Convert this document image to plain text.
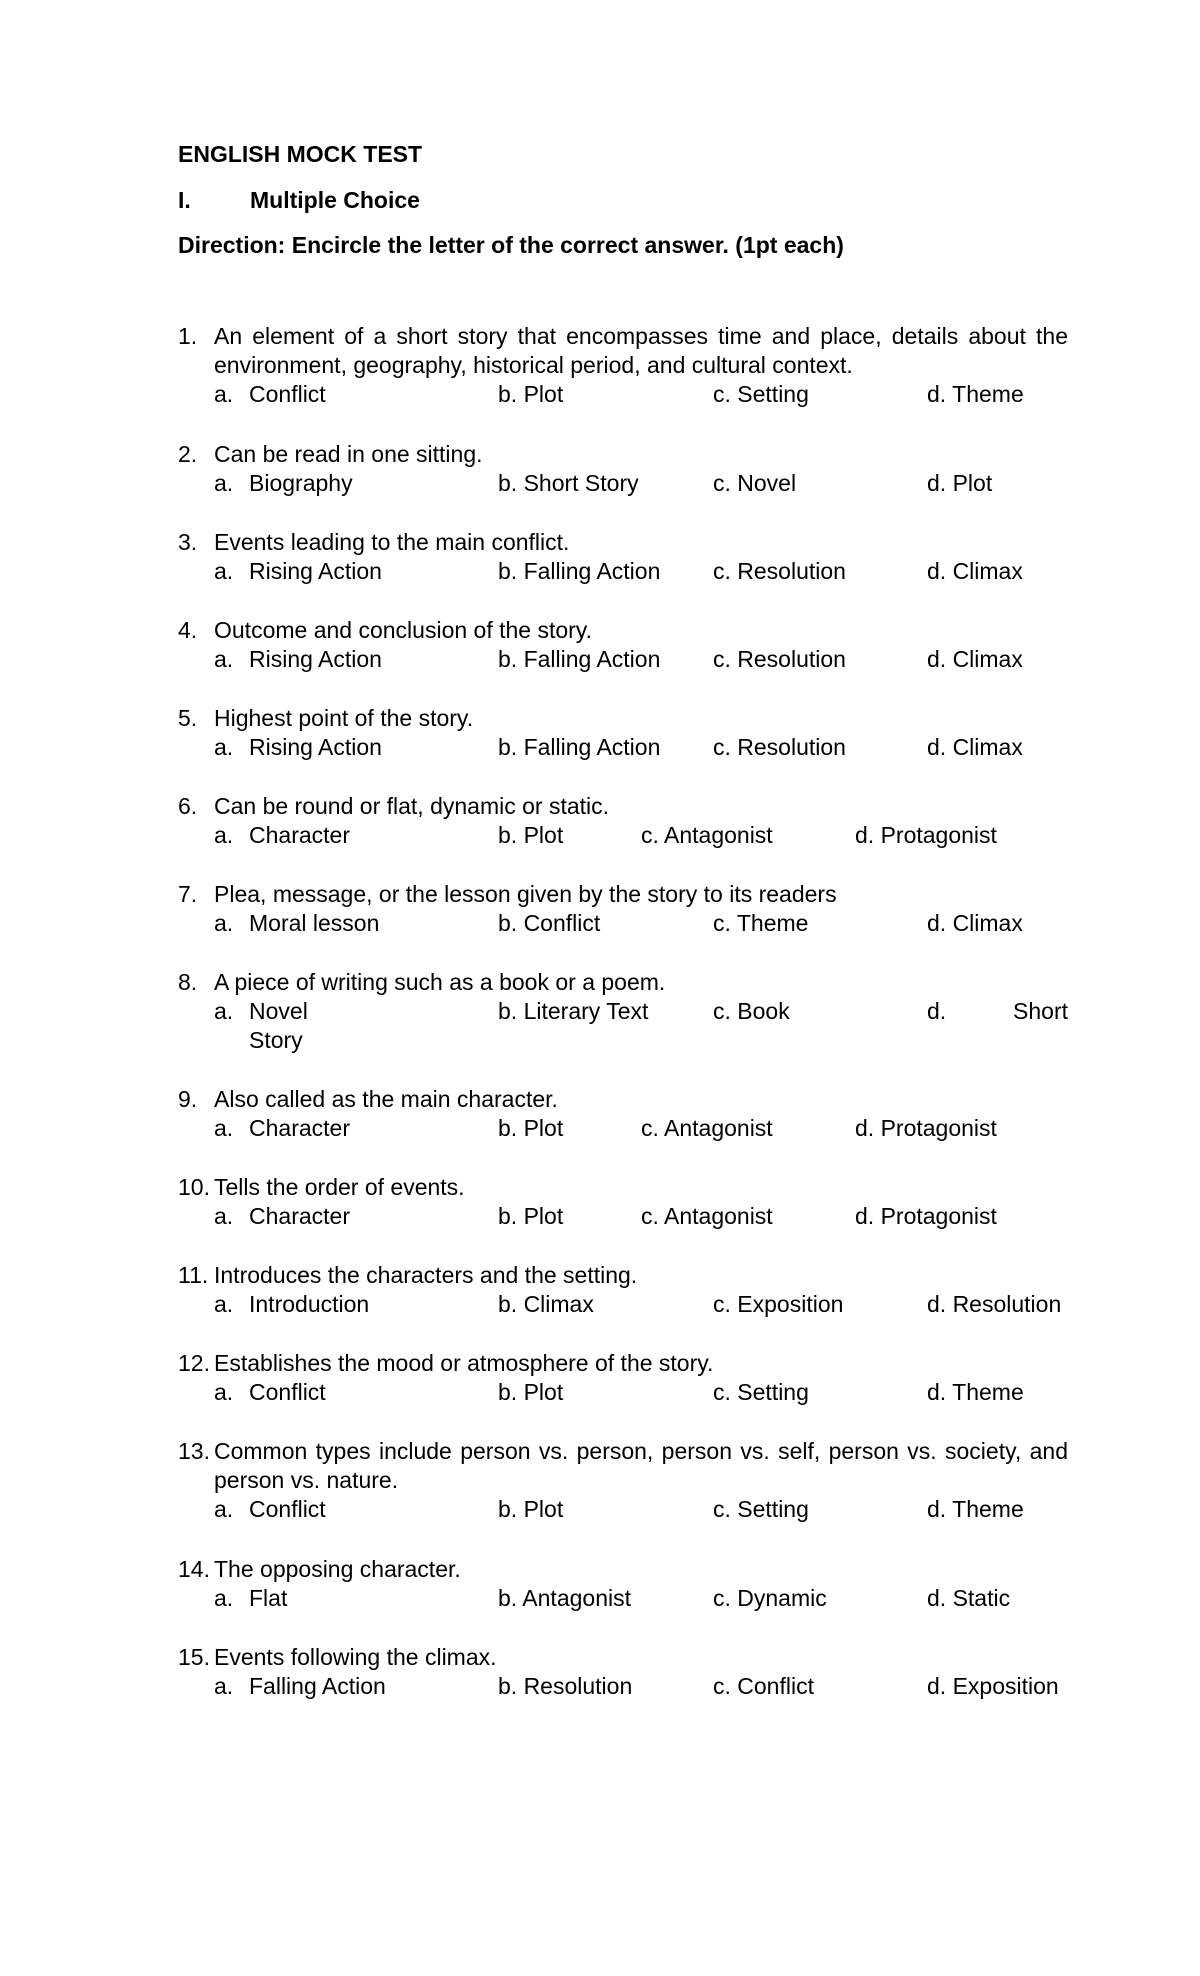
ENGLISH MOCK TEST
I.	Multiple Choice
Direction: Encircle the letter of the correct answer. (1pt each)
1. An element of a short story that encompasses time and place, details about the environment, geography, historical period, and cultural context.
a. Conflict	b. Plot	c. Setting	d. Theme
2. Can be read in one sitting.
a. Biography	b. Short Story	c. Novel	d. Plot
3. Events leading to the main conflict.
a. Rising Action	b. Falling Action c. Resolution	d. Climax
4. Outcome and conclusion of the story.
a. Rising Action	b. Falling Action c. Resolution	d. Climax
5. Highest point of the story.
a. Rising Action	b. Falling Action c. Resolution	d. Climax
6. Can be round or flat, dynamic or static.
a. Character	b. Plot	c. Antagonist	d. Protagonist
7. Plea, message, or the lesson given by the story to its readers
a. Moral lesson	b. Conflict	c. Theme	d. Climax
8. A piece of writing such as a book or a poem.
a. Novel	b. Literary Text	c. Book	d.	Short
Story
9. Also called as the main character.
a. Character	b. Plot	c. Antagonist	d. Protagonist
10. Tells the order of events.
a. Character	b. Plot	c. Antagonist	d. Protagonist
11. Introduces the characters and the setting.
a. Introduction	b. Climax	c. Exposition	d. Resolution
12. Establishes the mood or atmosphere of the story.
a. Conflict	b. Plot	c. Setting	d. Theme
13. Common types include person vs. person, person vs. self, person vs. society, and person vs. nature.
a. Conflict	b. Plot	c. Setting	d. Theme
14. The opposing character.
a. Flat	b. Antagonist	c. Dynamic	d. Static
15. Events following the climax.
a. Falling Action	b. Resolution	c. Conflict	d. Exposition
